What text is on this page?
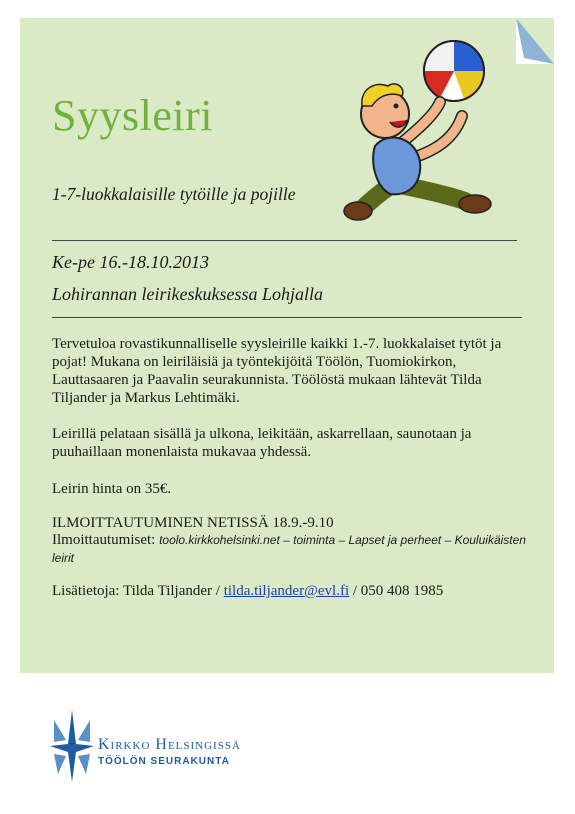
Syysleiri
1-7-luokkalaisille tytöille ja pojille
Ke-pe 16.-18.10.2013
Lohirannan leirikeskuksessa Lohjalla
Tervetuloa rovastikunnalliselle syysleirille kaikki 1.-7. luokkalaiset tytöt ja pojat! Mukana on leiriläisiä ja työntekijöitä Töölön, Tuomiokirkon, Lauttasaaren ja Paavalin seurakunnista. Töölöstä mukaan lähtevät Tilda Tiljander ja Markus Lehtimäki.
Leirillä pelataan sisällä ja ulkona, leikitään, askarrellaan, saunotaan ja puuhaillaan monenlaista mukavaa yhdessä.
Leirin hinta on 35€.
ILMOITTAUTUMINEN NETISSÄ 18.9.-9.10
Ilmoittautumiset: toolo.kirkkohelsinki.net – toiminta – Lapset ja perheet – Kouluikäisten leirit
Lisätietoja: Tilda Tiljander / tilda.tiljander@evl.fi / 050 408 1985
Kirkko Helsingissä
TÖÖLÖN SEURAKUNTA
